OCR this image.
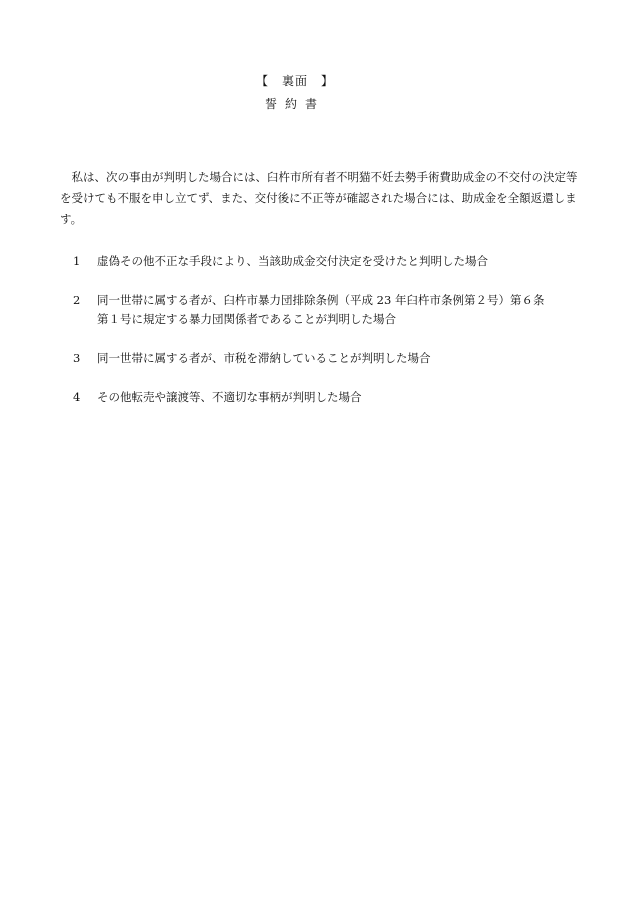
【　裏面　】
誓約書

私は、次の事由が判明した場合には、臼杵市所有者不明猫不妊去勢手術費助成金の不交付の決定等を受けても不服を申し立てず、また、交付後に不正等が確認された場合には、助成金を全額返還します。

1	虚偽その他不正な手段により、当該助成金交付決定を受けたと判明した場合
2	同一世帯に属する者が、臼杵市暴力団排除条例（平成 23 年臼杵市条例第２号）第６条
第１号に規定する暴力団関係者であることが判明した場合
3	同一世帯に属する者が、市税を滞納していることが判明した場合
4	その他転売や譲渡等、不適切な事柄が判明した場合
